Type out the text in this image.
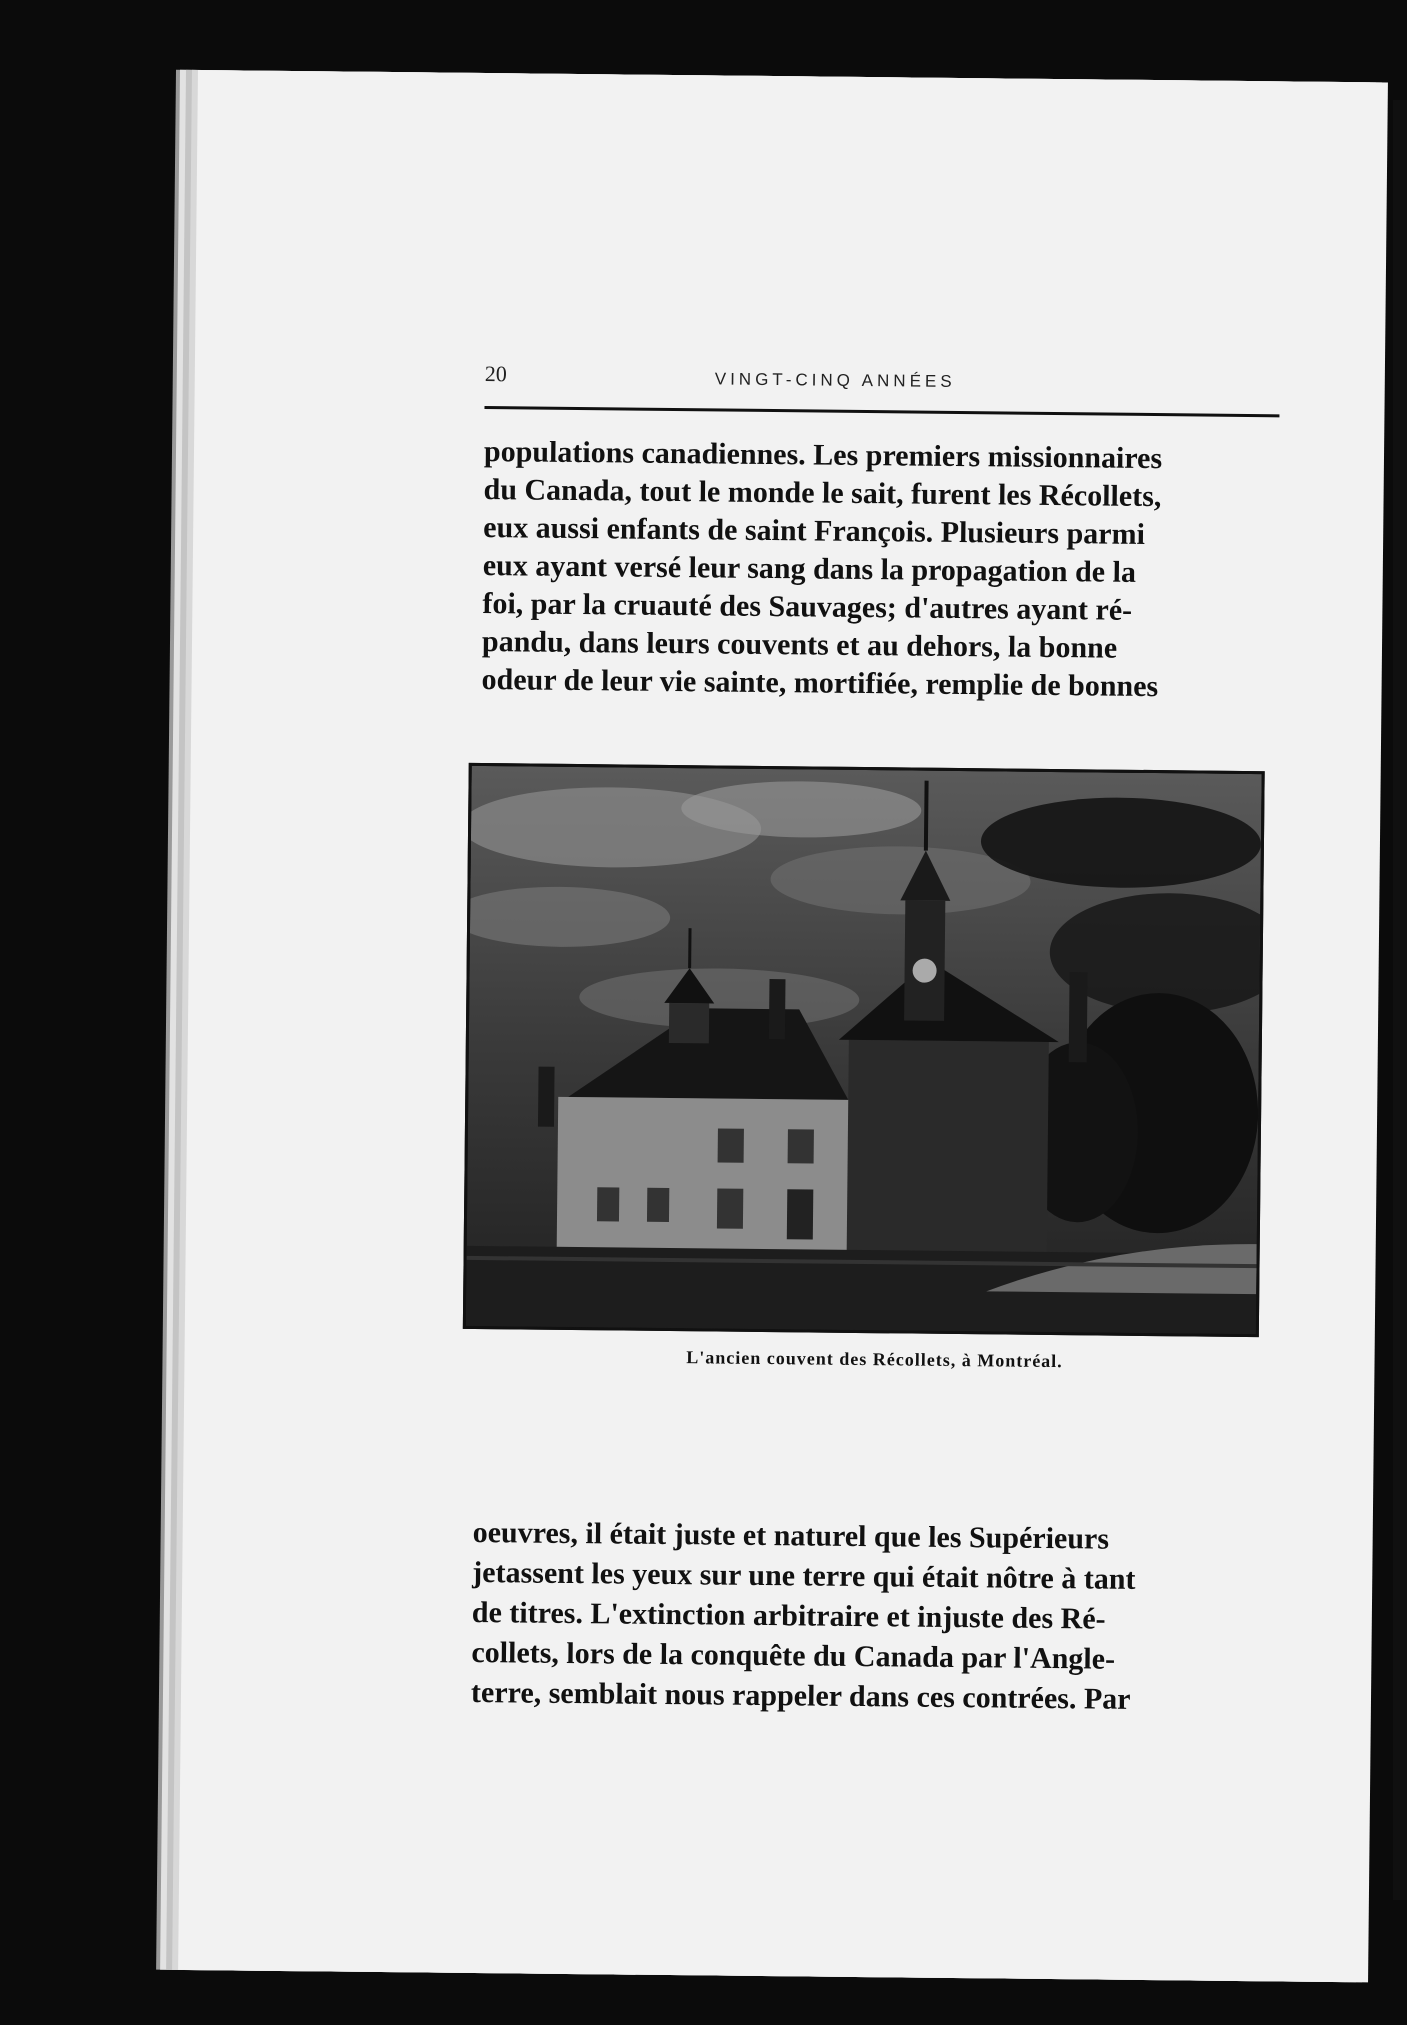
20	VINGT-CINQ ANNÉES
populations canadiennes. Les premiers missionnaires
du Canada, tout le monde le sait, furent les Récollets,
eux aussi enfants de saint François. Plusieurs parmi
eux ayant versé leur sang dans la propagation de la
foi, par la cruauté des Sauvages; d'autres ayant ré-
pandu, dans leurs couvents et au dehors, la bonne
odeur de leur vie sainte, mortifiée, remplie de bonnes
L'ancien couvent des Récollets, à Montréal.
oeuvres, il était juste et naturel que les Supérieurs
jetassent les yeux sur une terre qui était nôtre à tant
de titres. L'extinction arbitraire et injuste des Ré-
collets, lors de la conquête du Canada par l'Angle-
terre, semblait nous rappeler dans ces contrées. Par
